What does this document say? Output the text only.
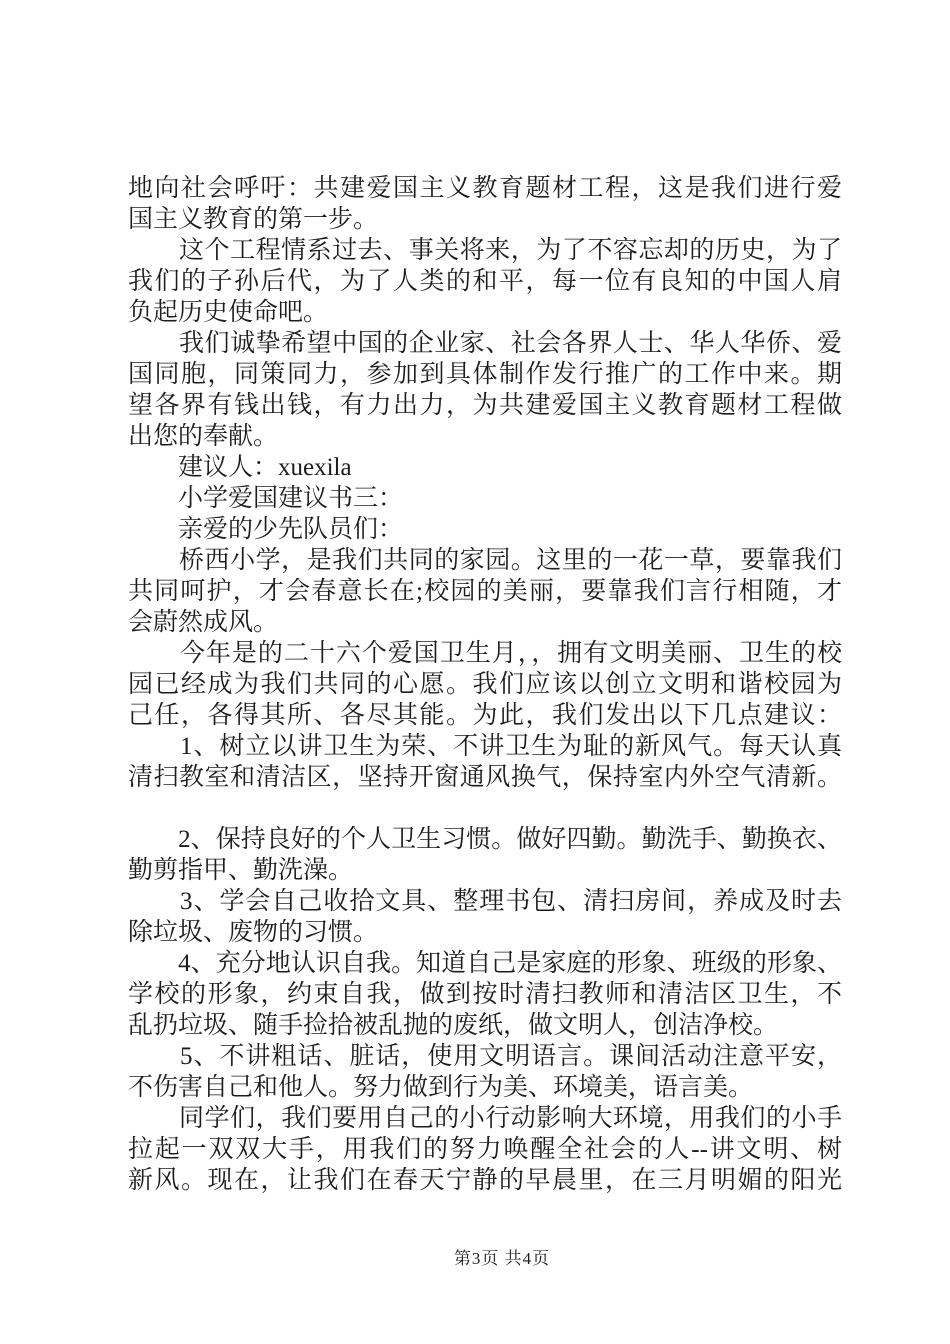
地向社会呼吁：共建爱国主义教育题材工程，这是我们进行爱
国主义教育的第一步。
　　这个工程情系过去、事关将来，为了不容忘却的历史，为了
我们的子孙后代，为了人类的和平，每一位有良知的中国人肩
负起历史使命吧。
　　我们诚挚希望中国的企业家、社会各界人士、华人华侨、爱
国同胞，同策同力，参加到具体制作发行推广的工作中来。期
望各界有钱出钱，有力出力，为共建爱国主义教育题材工程做
出您的奉献。
　　建议人：xuexila
　　小学爱国建议书三：
　　亲爱的少先队员们：
　　桥西小学，是我们共同的家园。这里的一花一草，要靠我们
共同呵护，才会春意长在;校园的美丽，要靠我们言行相随，才
会蔚然成风。
　　今年是的二十六个爱国卫生月，，拥有文明美丽、卫生的校
园已经成为我们共同的心愿。我们应该以创立文明和谐校园为
己任，各得其所、各尽其能。为此，我们发出以下几点建议：
　　1、树立以讲卫生为荣、不讲卫生为耻的新风气。每天认真
清扫教室和清洁区，坚持开窗通风换气，保持室内外空气清新。

　　2、保持良好的个人卫生习惯。做好四勤。勤洗手、勤换衣、
勤剪指甲、勤洗澡。
　　3、学会自己收拾文具、整理书包、清扫房间，养成及时去
除垃圾、废物的习惯。
　　4、充分地认识自我。知道自己是家庭的形象、班级的形象、
学校的形象，约束自我，做到按时清扫教师和清洁区卫生，不
乱扔垃圾、随手捡拾被乱抛的废纸，做文明人，创洁净校。
　　5、不讲粗话、脏话，使用文明语言。课间活动注意平安，
不伤害自己和他人。努力做到行为美、环境美，语言美。
　　同学们，我们要用自己的小行动影响大环境，用我们的小手
拉起一双双大手，用我们的努力唤醒全社会的人--讲文明、树
新风。现在，让我们在春天宁静的早晨里，在三月明媚的阳光
第3页 共4页
